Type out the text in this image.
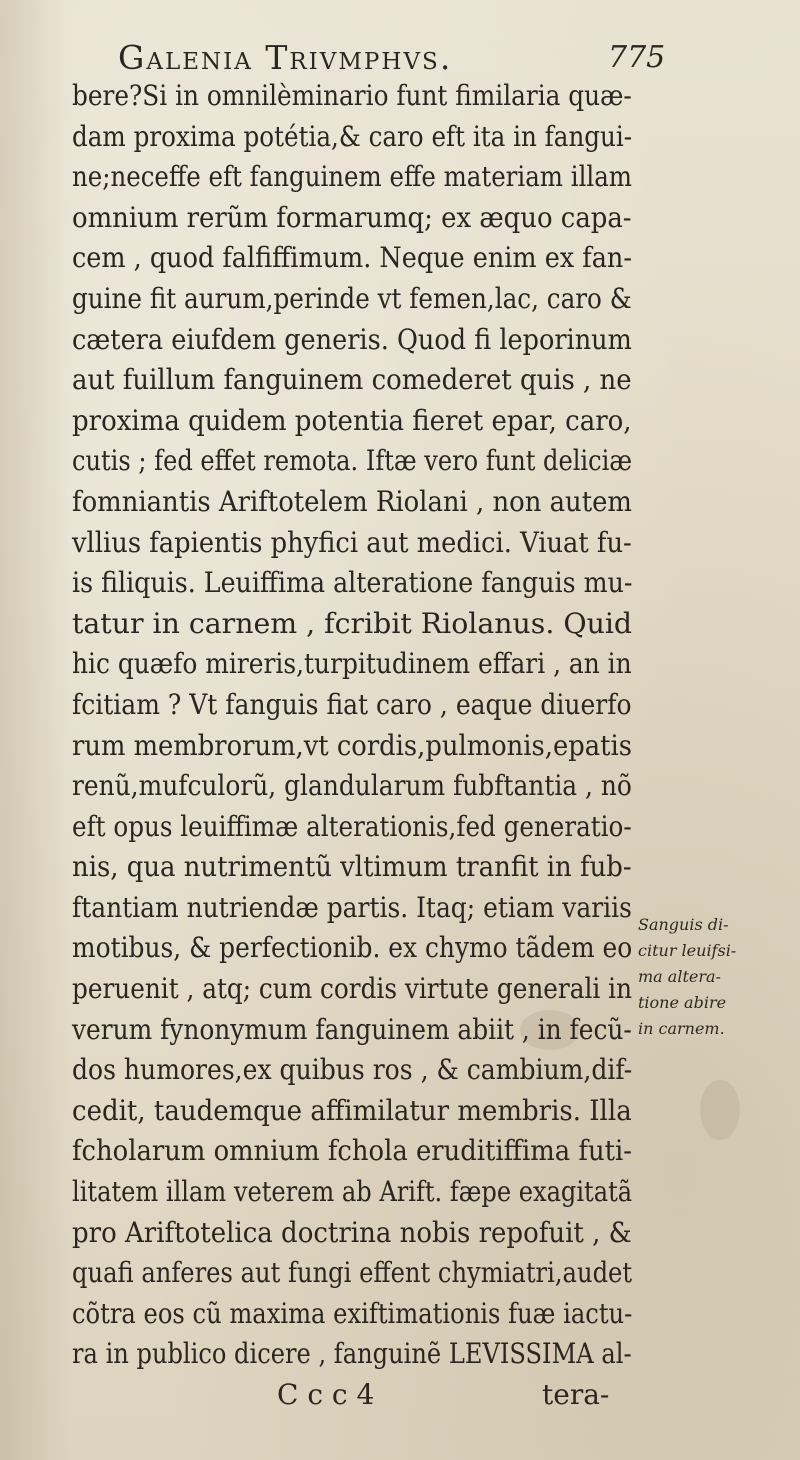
Galenia Trivmphvs.	775
bere?Si in omnilèminario funt fimilaria quæ-
dam proxima potétia,& caro eft ita in fangui-
ne;neceffe eft fanguinem effe materiam illam
omnium rerũm formarumq; ex æquo capa-
cem , quod falfiffimum. Neque enim ex fan-
guine fit aurum,perinde vt femen,lac, caro &
cætera eiufdem generis. Quod fi leporinum
aut fuillum fanguinem comederet quis , ne
proxima quidem potentia fieret epar, caro,
cutis ; fed effet remota. Iftæ vero funt deliciæ
fomniantis Ariftotelem Riolani , non autem
vllius fapientis phyfici aut medici. Viuat fu-
is filiquis. Leuiffima alteratione fanguis mu-
tatur in carnem , fcribit Riolanus. Quid
hic quæfo mireris,turpitudinem effari , an in
fcitiam ? Vt fanguis fiat caro , eaque diuerfo
rum membrorum,vt cordis,pulmonis,epatis
renũ,mufculorũ, glandularum fubftantia , nõ
eft opus leuiffimæ alterationis,fed generatio-
nis, qua nutrimentũ vltimum tranfit in fub-
ftantiam nutriendæ partis. Itaq; etiam variis
motibus, & perfectionib. ex chymo tãdem eo
peruenit , atq; cum cordis virtute generali in
verum fynonymum fanguinem abiit , in fecũ-
dos humores,ex quibus ros , & cambium,dif-
cedit, taudemque affimilatur membris. Illa
fcholarum omnium fchola eruditiffima futi-
litatem illam veterem ab Arift. fæpe exagitatã
pro Ariftotelica doctrina nobis repofuit , &
quafi anferes aut fungi effent chymiatri,audet
cõtra eos cũ maxima exiftimationis fuæ iactu-
ra in publico dicere , fanguinẽ LEVISSIMA al-
C c c 4	tera-
Sanguis di-
citur leuifsi-
ma altera-
tione abire
in carnem.
